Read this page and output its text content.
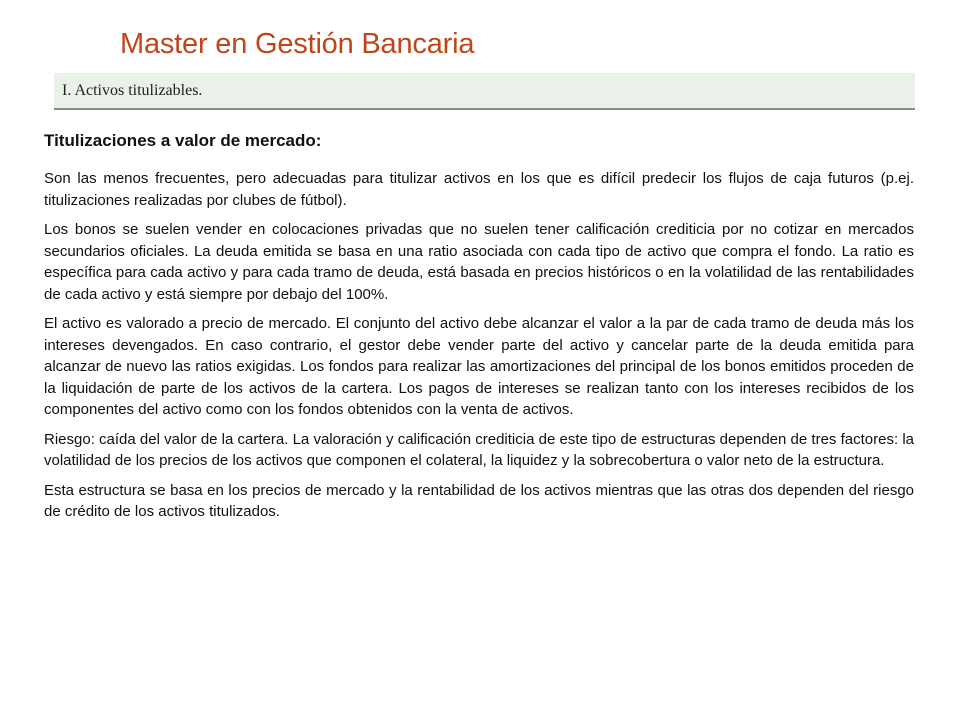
Master en Gestión Bancaria
I. Activos titulizables.
Titulizaciones a valor de mercado:

Son las menos frecuentes, pero adecuadas para titulizar activos en los que es difícil predecir los flujos de caja futuros (p.ej. titulizaciones realizadas por clubes de fútbol).

Los bonos se suelen vender en colocaciones privadas que no suelen tener calificación crediticia por no cotizar en mercados secundarios oficiales. La deuda emitida se basa en una ratio asociada con cada tipo de activo que compra el fondo. La ratio es específica para cada activo y para cada tramo de deuda, está basada en precios históricos o en la volatilidad de las rentabilidades de cada activo y está siempre por debajo del 100%.

El activo es valorado a precio de mercado. El conjunto del activo debe alcanzar el valor a la par de cada tramo de deuda más los intereses devengados. En caso contrario, el gestor debe vender parte del activo y cancelar parte de la deuda emitida para alcanzar de nuevo las ratios exigidas. Los fondos para realizar las amortizaciones del principal de los bonos emitidos proceden de la liquidación de parte de los activos de la cartera. Los pagos de intereses se realizan tanto con los intereses recibidos de los componentes del activo como con los fondos obtenidos con la venta de activos.

Riesgo: caída del valor de la cartera. La valoración y calificación crediticia de este tipo de estructuras dependen de tres factores: la volatilidad de los precios de los activos que componen el colateral, la liquidez y la sobrecobertura o valor neto de la estructura.

Esta estructura se basa en los precios de mercado y la rentabilidad de los activos mientras que las otras dos dependen del riesgo de crédito de los activos titulizados.
